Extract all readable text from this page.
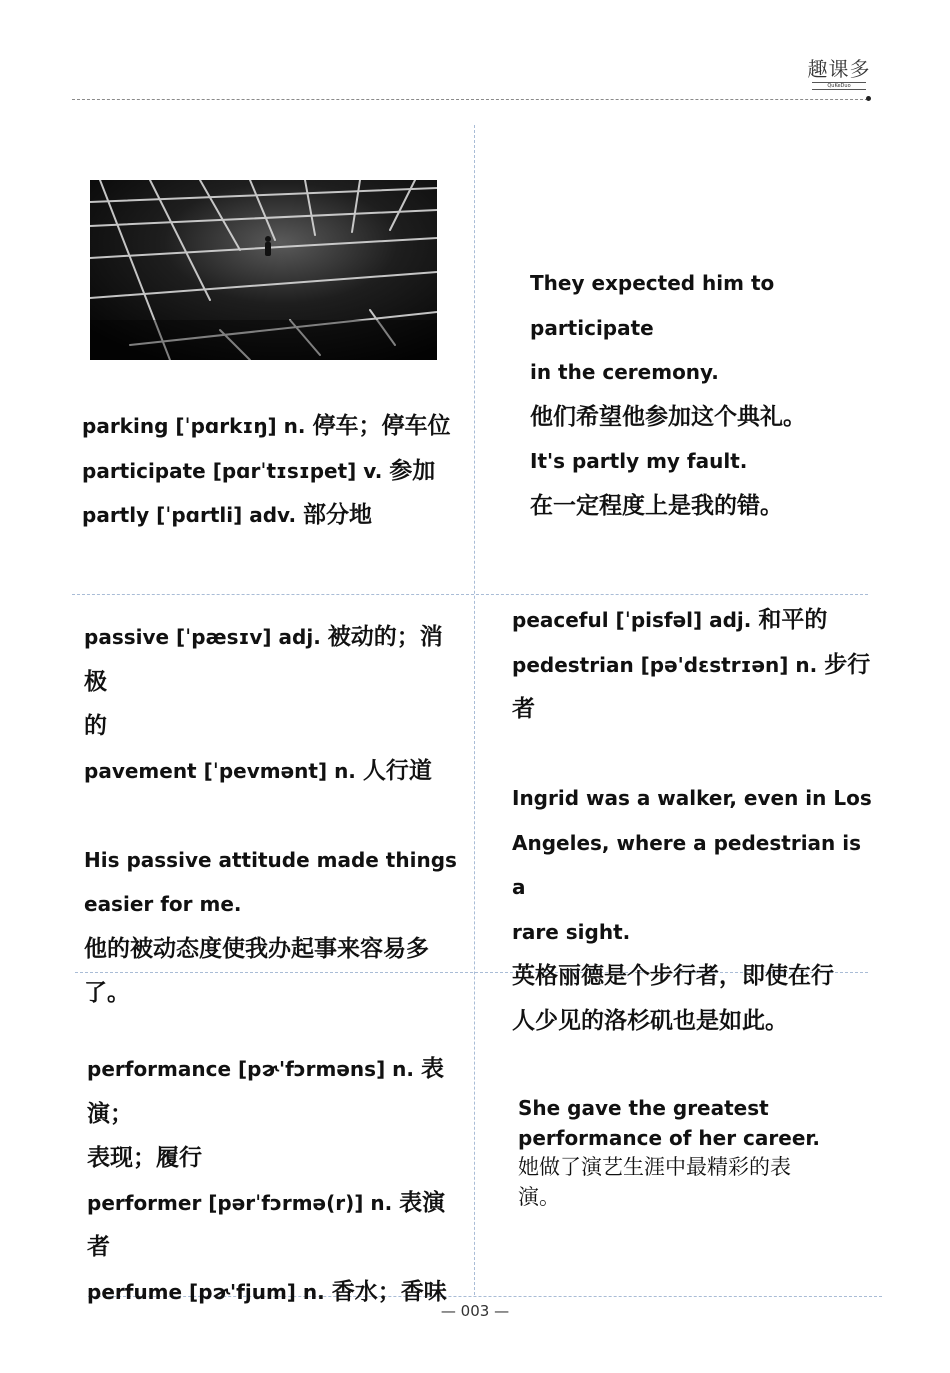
趣课多
QuKeDuo

parking [ˈpɑrkɪŋ] n. 停车；停车位

participate [pɑrˈtɪsɪpet] v. 参加

partly [ˈpɑrtli] adv. 部分地

They expected him to participate

in the ceremony.

他们希望他参加这个典礼。

It's partly my fault.

在一定程度上是我的错。

passive [ˈpæsɪv] adj. 被动的；消极

的

pavement [ˈpevmənt] n. 人行道

His passive attitude made things

easier for me.

他的被动态度使我办起事来容易多

了。

peaceful [ˈpisfəl] adj. 和平的

pedestrian [pə'dɛstrɪən] n. 步行者

Ingrid was a walker, even in Los

Angeles, where a pedestrian is a

rare sight.

英格丽德是个步行者，即使在行

人少见的洛杉矶也是如此。

performance [pɚ'fɔrməns] n. 表演；

表现；履行

performer [pərˈfɔrmə(r)] n. 表演者

perfume [pɚ'fjum] n. 香水；香味

She gave the greatest

performance of her career.

她做了演艺生涯中最精彩的表

演。

— 003 —
